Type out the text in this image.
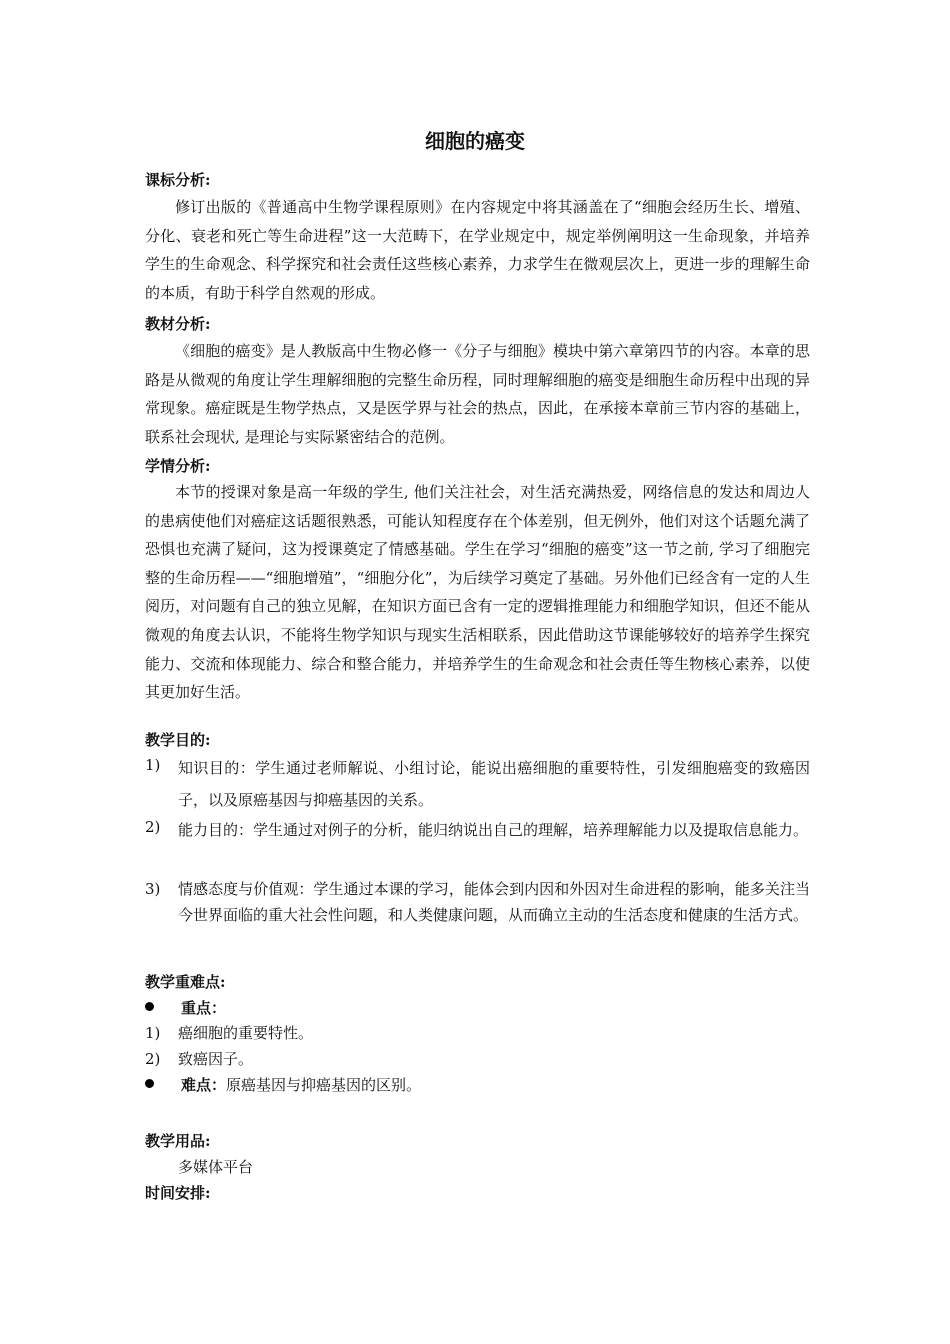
细胞的癌变
课标分析:
修订出版的《普通高中生物学课程原则》在内容规定中将其涵盖在了“细胞会经历生长、增殖、分化、衰老和死亡等生命进程”这一大范畴下，在学业规定中，规定举例阐明这一生命现象，并培养学生的生命观念、科学探究和社会责任这些核心素养，力求学生在微观层次上，更进一步的理解生命的本质，有助于科学自然观的形成。
教材分析:
《细胞的癌变》是人教版高中生物必修一《分子与细胞》模块中第六章第四节的内容。本章的思路是从微观的角度让学生理解细胞的完整生命历程，同时理解细胞的癌变是细胞生命历程中出现的异常现象。癌症既是生物学热点，又是医学界与社会的热点，因此，在承接本章前三节内容的基础上，联系社会现状, 是理论与实际紧密结合的范例。
学情分析:
本节的授课对象是高一年级的学生, 他们关注社会，对生活充满热爱，网络信息的发达和周边人的患病使他们对癌症这话题很熟悉，可能认知程度存在个体差别，但无例外，他们对这个话题允满了恐惧也充满了疑问，这为授课奠定了情感基础。学生在学习“细胞的癌变”这一节之前, 学习了细胞完整的生命历程——“细胞增殖”，“细胞分化”，为后续学习奠定了基础。另外他们已经含有一定的人生阅历，对问题有自己的独立见解，在知识方面已含有一定的逻辑推理能力和细胞学知识，但还不能从微观的角度去认识，不能将生物学知识与现实生活相联系，因此借助这节课能够较好的培养学生探究能力、交流和体现能力、综合和整合能力，并培养学生的生命观念和社会责任等生物核心素养，以使其更加好生活。
教学目的:
1) 知识目的：学生通过老师解说、小组讨论，能说出癌细胞的重要特性，引发细胞癌变的致癌因子，以及原癌基因与抑癌基因的关系。
2) 能力目的：学生通过对例子的分析，能归纳说出自己的理解，培养理解能力以及提取信息能力。
3) 情感态度与价值观：学生通过本课的学习，能体会到内因和外因对生命进程的影响，能多关注当今世界面临的重大社会性问题，和人类健康问题，从而确立主动的生活态度和健康的生活方式。
教学重难点:
重点：
1) 癌细胞的重要特性。
2) 致癌因子。
难点：原癌基因与抑癌基因的区别。
教学用品:
多媒体平台
时间安排:
